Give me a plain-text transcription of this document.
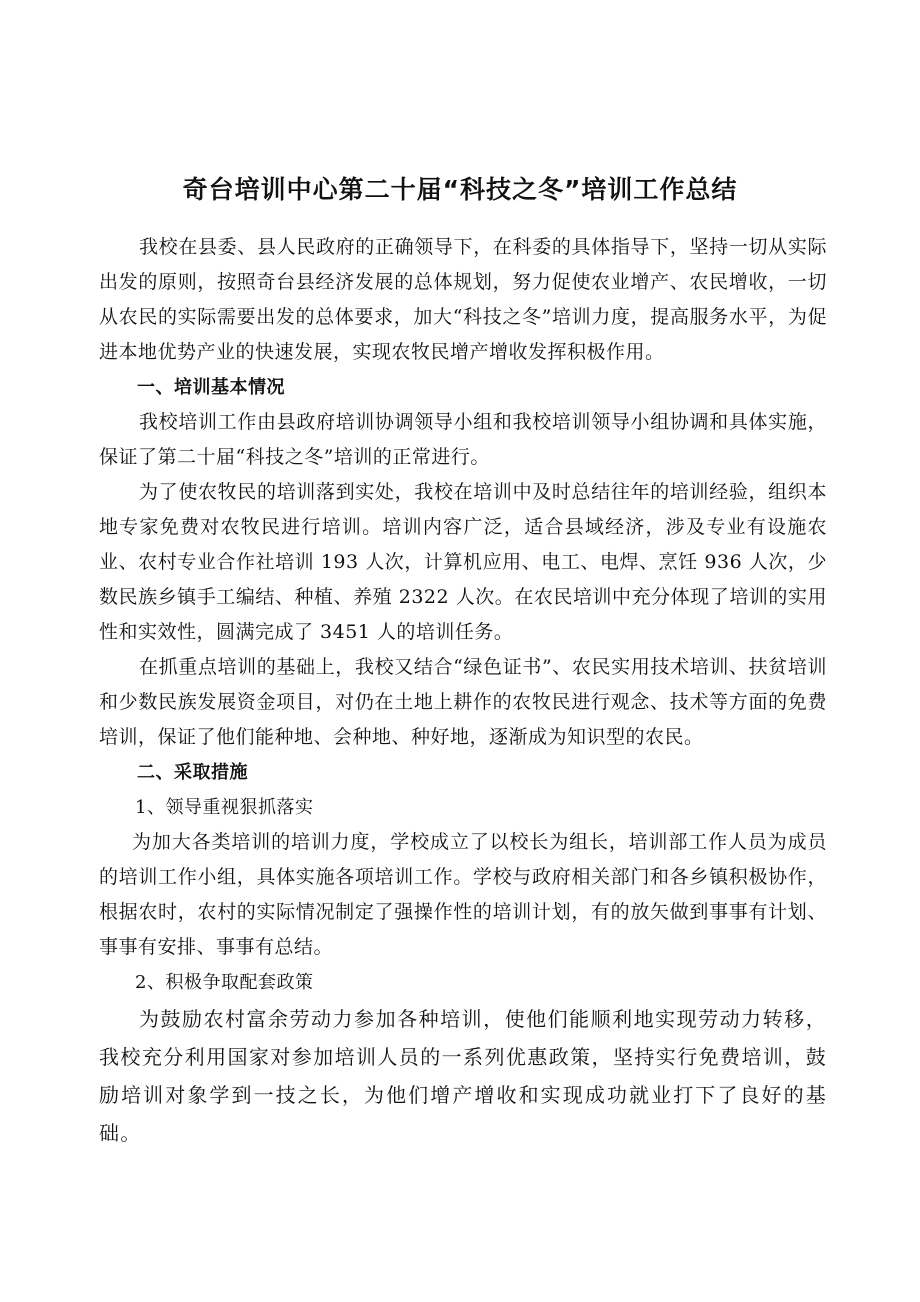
奇台培训中心第二十届“科技之冬”培训工作总结

我校在县委、县人民政府的正确领导下，在科委的具体指导下，坚持一切从实际出发的原则，按照奇台县经济发展的总体规划，努力促使农业增产、农民增收，一切从农民的实际需要出发的总体要求，加大“科技之冬”培训力度，提高服务水平，为促进本地优势产业的快速发展，实现农牧民增产增收发挥积极作用。

一、培训基本情况

我校培训工作由县政府培训协调领导小组和我校培训领导小组协调和具体实施，保证了第二十届“科技之冬”培训的正常进行。

为了使农牧民的培训落到实处，我校在培训中及时总结往年的培训经验，组织本地专家免费对农牧民进行培训。培训内容广泛，适合县域经济，涉及专业有设施农业、农村专业合作社培训 193 人次，计算机应用、电工、电焊、烹饪 936 人次，少数民族乡镇手工编结、种植、养殖 2322 人次。在农民培训中充分体现了培训的实用性和实效性，圆满完成了 3451 人的培训任务。

在抓重点培训的基础上，我校又结合“绿色证书”、农民实用技术培训、扶贫培训和少数民族发展资金项目，对仍在土地上耕作的农牧民进行观念、技术等方面的免费培训，保证了他们能种地、会种地、种好地，逐渐成为知识型的农民。

二、采取措施

1、领导重视狠抓落实

为加大各类培训的培训力度，学校成立了以校长为组长，培训部工作人员为成员的培训工作小组，具体实施各项培训工作。学校与政府相关部门和各乡镇积极协作，根据农时，农村的实际情况制定了强操作性的培训计划，有的放矢做到事事有计划、事事有安排、事事有总结。

2、积极争取配套政策

为鼓励农村富余劳动力参加各种培训，使他们能顺利地实现劳动力转移，我校充分利用国家对参加培训人员的一系列优惠政策，坚持实行免费培训，鼓励培训对象学到一技之长，为他们增产增收和实现成功就业打下了良好的基础。
